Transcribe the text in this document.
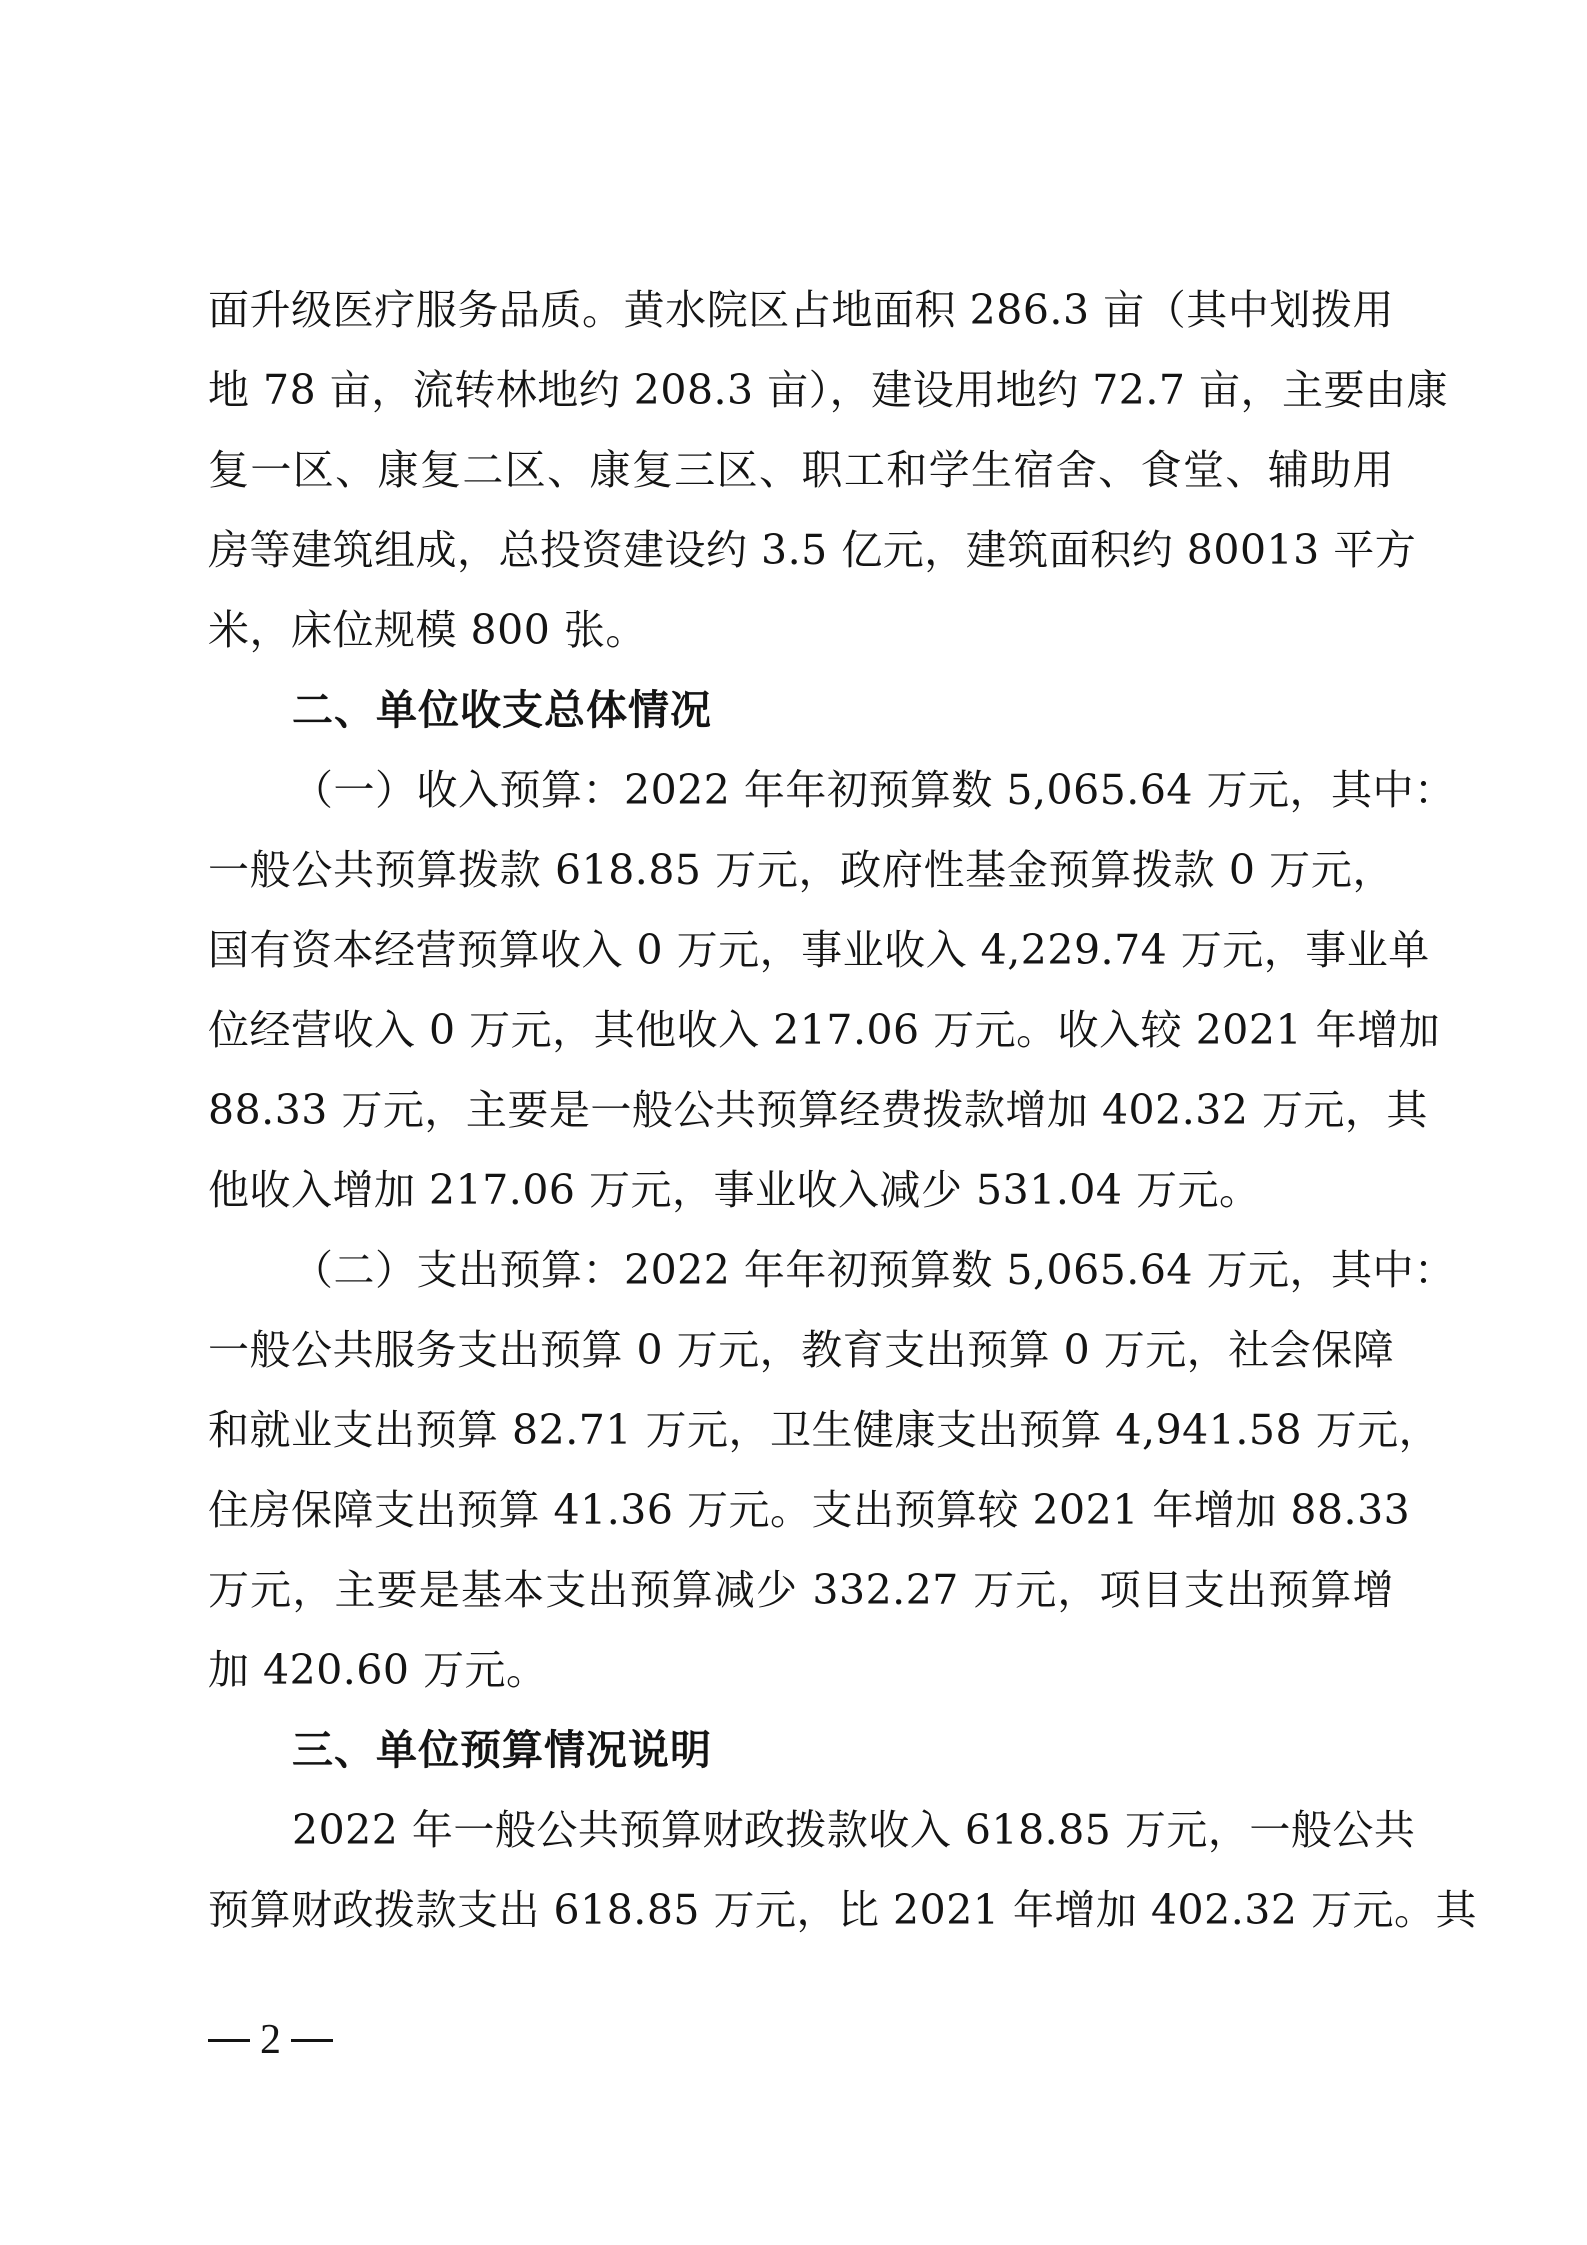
面升级医疗服务品质。黄水院区占地面积 286.3 亩（其中划拨用
地 78 亩，流转林地约 208.3 亩），建设用地约 72.7 亩，主要由康
复一区、康复二区、康复三区、职工和学生宿舍、食堂、辅助用
房等建筑组成，总投资建设约 3.5 亿元，建筑面积约 80013 平方
米，床位规模 800 张。
二、单位收支总体情况
（一）收入预算：2022 年年初预算数 5,065.64 万元，其中：
一般公共预算拨款 618.85 万元，政府性基金预算拨款 0 万元，
国有资本经营预算收入 0 万元，事业收入 4,229.74 万元，事业单
位经营收入 0 万元，其他收入 217.06 万元。收入较 2021 年增加
88.33 万元，主要是一般公共预算经费拨款增加 402.32 万元，其
他收入增加 217.06 万元，事业收入减少 531.04 万元。
（二）支出预算：2022 年年初预算数 5,065.64 万元，其中：
一般公共服务支出预算 0 万元，教育支出预算 0 万元，社会保障
和就业支出预算 82.71 万元，卫生健康支出预算 4,941.58 万元，
住房保障支出预算 41.36 万元。支出预算较 2021 年增加 88.33
万元，主要是基本支出预算减少 332.27 万元，项目支出预算增
加 420.60 万元。
三、单位预算情况说明
2022 年一般公共预算财政拨款收入 618.85 万元，一般公共
预算财政拨款支出 618.85 万元，比 2021 年增加 402.32 万元。其
2
